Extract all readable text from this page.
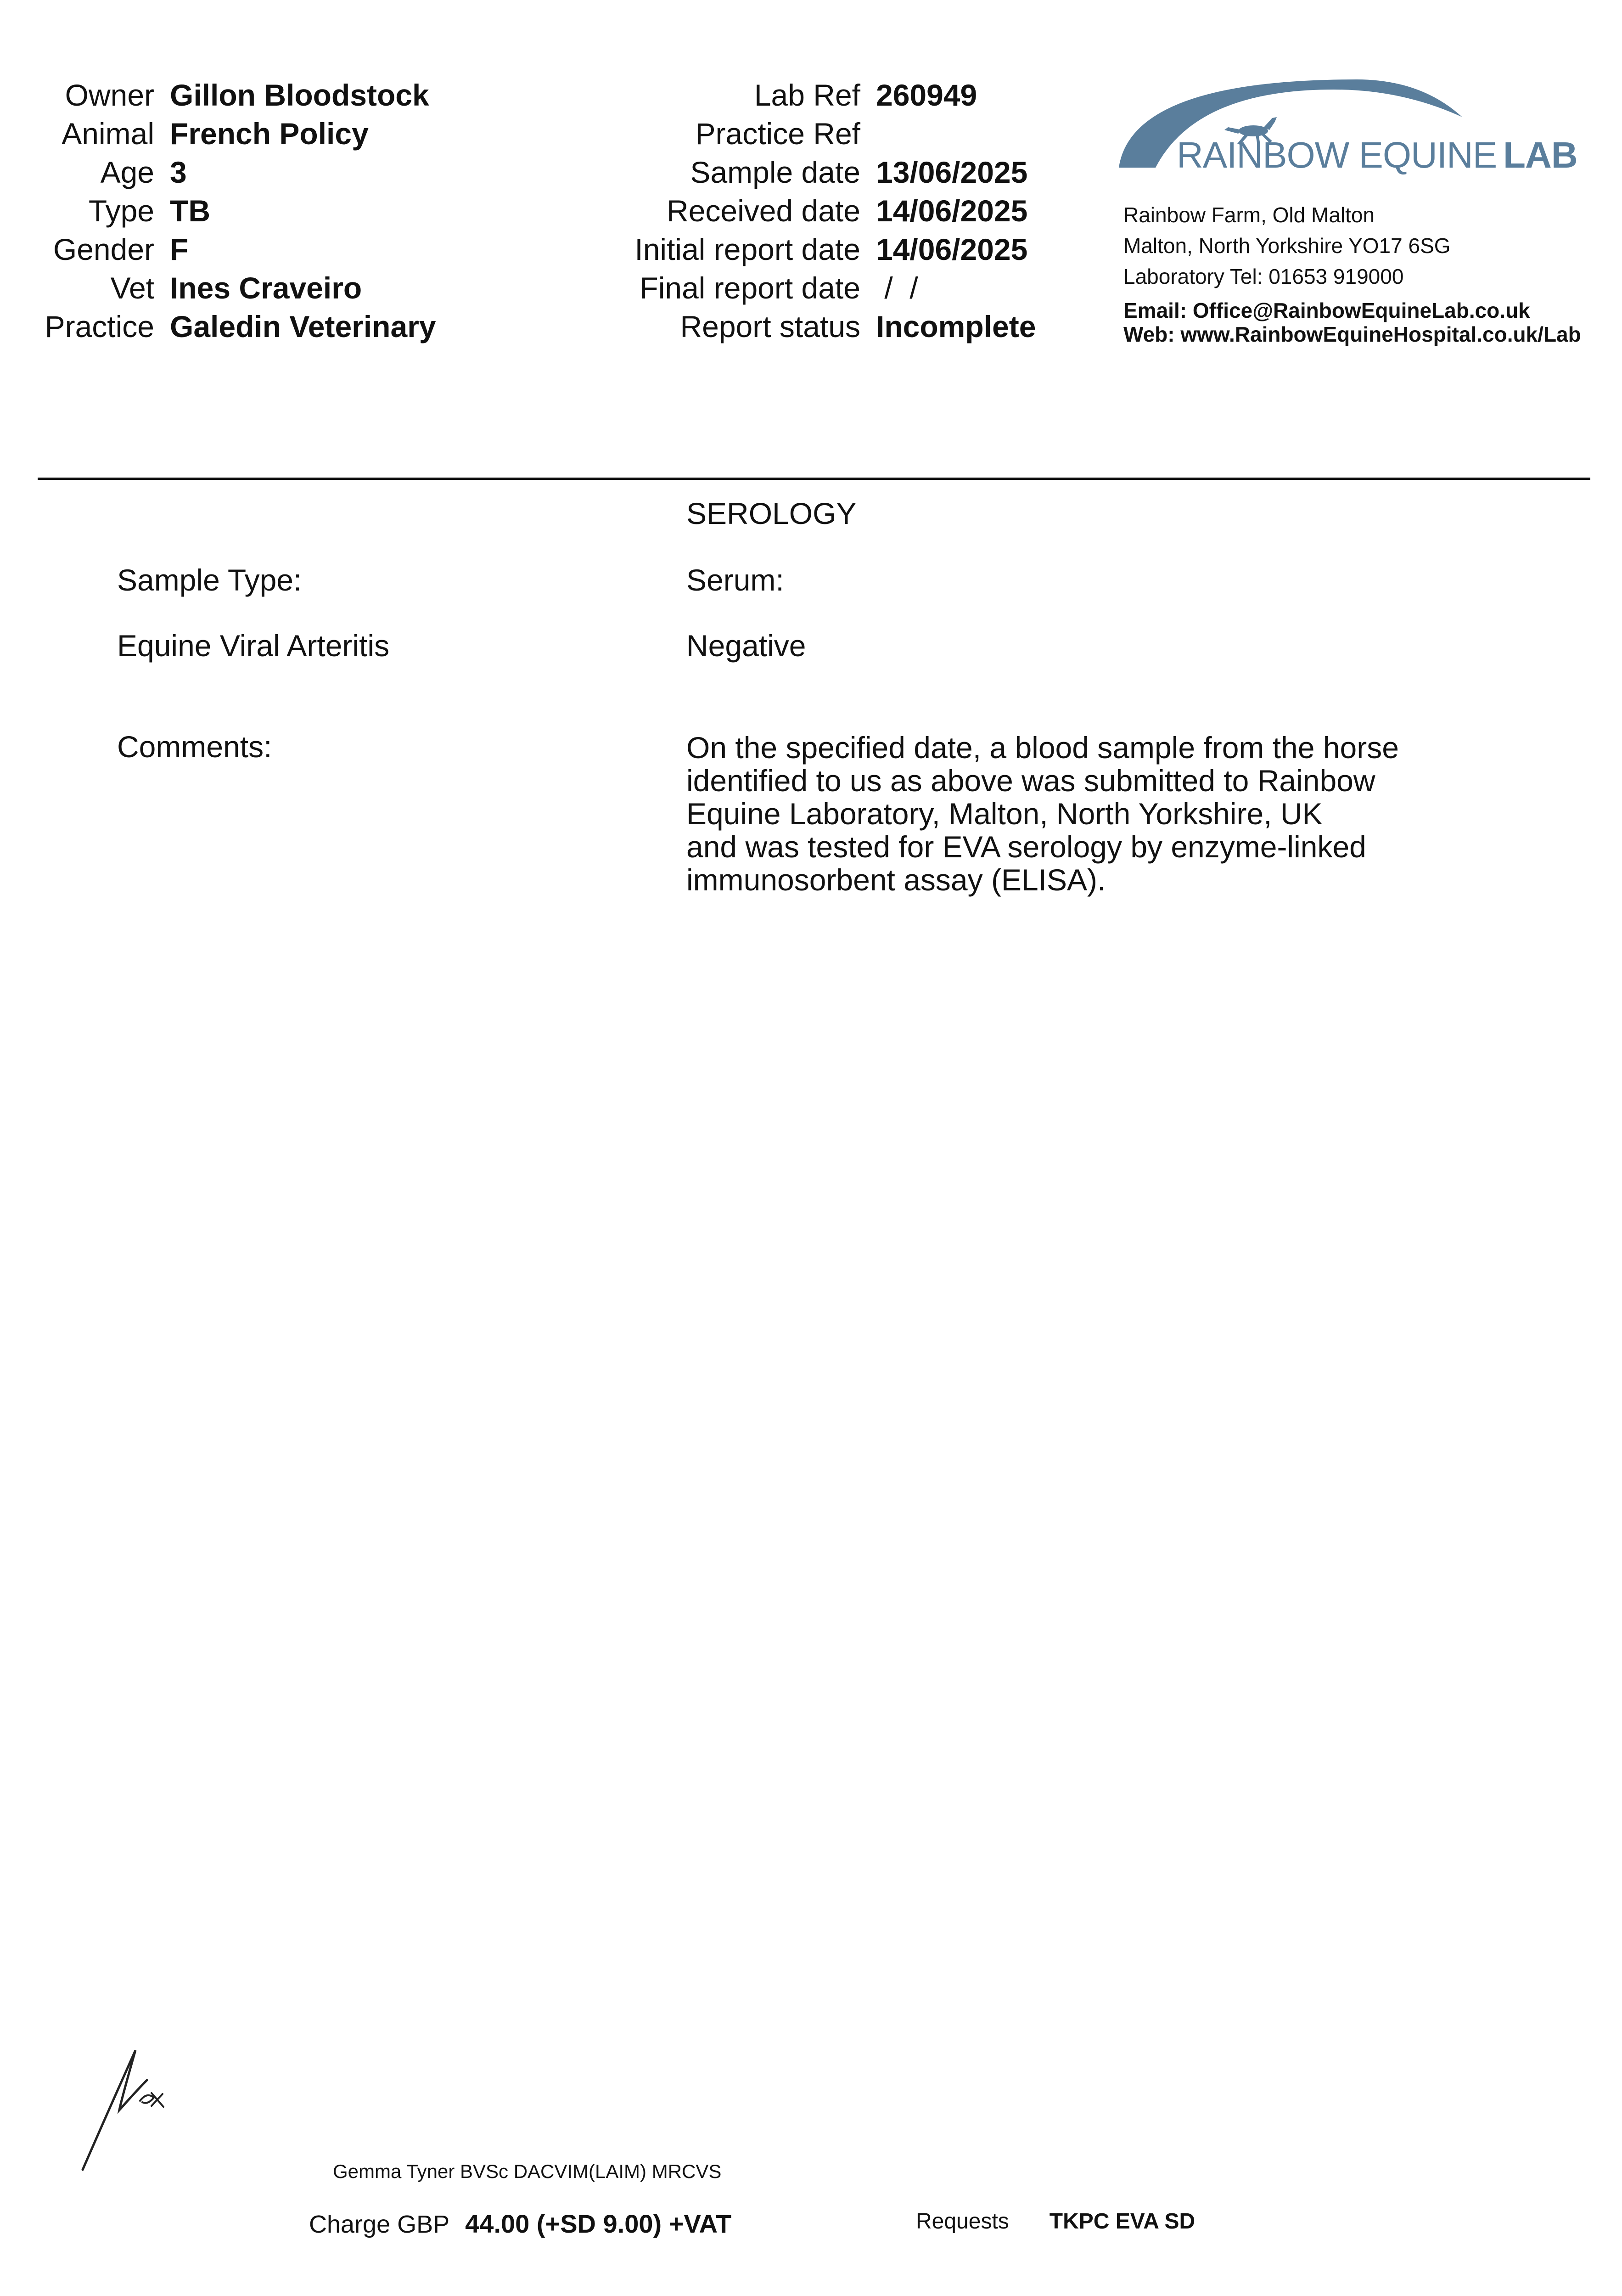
Owner Gillon Bloodstock
Animal French Policy
Age 3
Type TB
Gender F
Vet Ines Craveiro
Practice Galedin Veterinary
Lab Ref 260949
Practice Ref
Sample date 13/06/2025
Received date 14/06/2025
Initial report date 14/06/2025
Final report date /  /
Report status Incomplete
RAINBOW EQUINE LAB
Rainbow Farm, Old Malton
Malton, North Yorkshire YO17 6SG
Laboratory Tel: 01653 919000
Email: Office@RainbowEquineLab.co.uk
Web: www.RainbowEquineHospital.co.uk/Lab
SEROLOGY
Sample Type:	Serum:
Equine Viral Arteritis	Negative
Comments:	On the specified date, a blood sample from the horse
identified to us as above was submitted to Rainbow
Equine Laboratory, Malton, North Yorkshire, UK
and was tested for EVA serology by enzyme-linked
immunosorbent assay (ELISA).
Gemma Tyner BVSc DACVIM(LAIM) MRCVS
Charge GBP 44.00 (+SD 9.00) +VAT	Requests TKPC EVA SD
